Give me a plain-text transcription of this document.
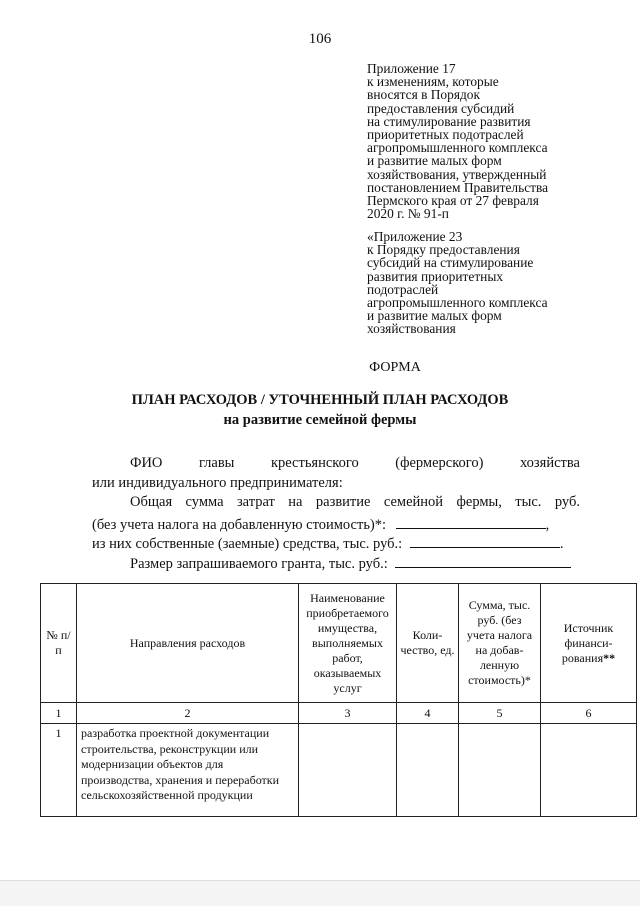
106
Приложение 17
к изменениям, которые
вносятся в Порядок
предоставления субсидий
на стимулирование развития
приоритетных подотраслей
агропромышленного комплекса
и развитие малых форм
хозяйствования, утвержденный
постановлением Правительства
Пермского края от 27 февраля
2020 г. № 91-п
«Приложение 23
к Порядку предоставления
субсидий на стимулирование
развития приоритетных
подотраслей
агропромышленного комплекса
и развитие малых форм
хозяйствования
ФОРМА
ПЛАН РАСХОДОВ / УТОЧНЕННЫЙ ПЛАН РАСХОДОВ
на развитие семейной фермы
ФИО	главы	крестьянского	(фермерского)	хозяйства
или индивидуального предпринимателя:
Общая сумма затрат на развитие семейной фермы, тыс. руб.
(без учета налога на добавленную стоимость)*:	,
из них собственные (заемные) средства, тыс. руб.:	.
Размер запрашиваемого гранта, тыс. руб.:
№ п/п	Направления расходов	Наименование приобретаемого имущества, выполняемых работ, оказываемых услуг	Коли-чество, ед.	Сумма, тыс. руб. (без учета налога на добав-ленную стоимость)*	Источник финанси-рования**
1	2	3	4	5	6
1	разработка проектной документации строительства, реконструкции или модернизации объектов для производства, хранения и переработки сельскохозяйственной продукции				
